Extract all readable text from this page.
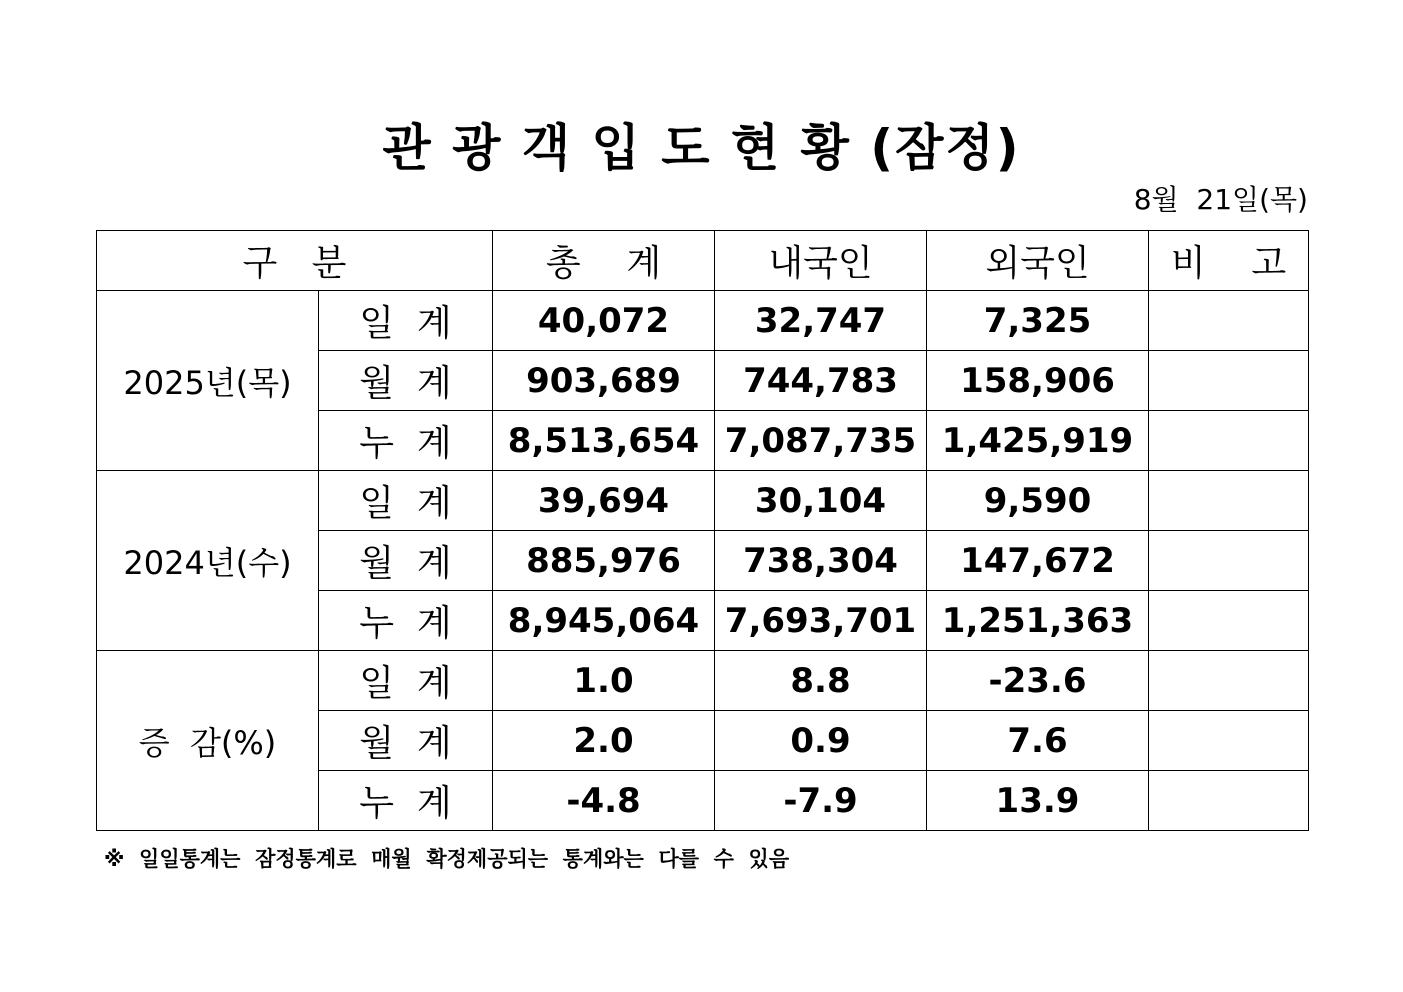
관 광 객 입 도 현 황 (잠정)
8월  21일(목)
구   분		총    계	내국인	외국인	비    고
2025년(목)	일  계	40,072	32,747	7,325	
	월  계	903,689	744,783	158,906	
	누  계	8,513,654	7,087,735	1,425,919	
2024년(수)	일  계	39,694	30,104	9,590	
	월  계	885,976	738,304	147,672	
	누  계	8,945,064	7,693,701	1,251,363	
증  감(%)	일  계	1.0	8.8	-23.6	
	월  계	2.0	0.9	7.6	
	누  계	-4.8	-7.9	13.9	
※  일일통계는  잠정통계로  매월  확정제공되는  통계와는  다를  수  있음
